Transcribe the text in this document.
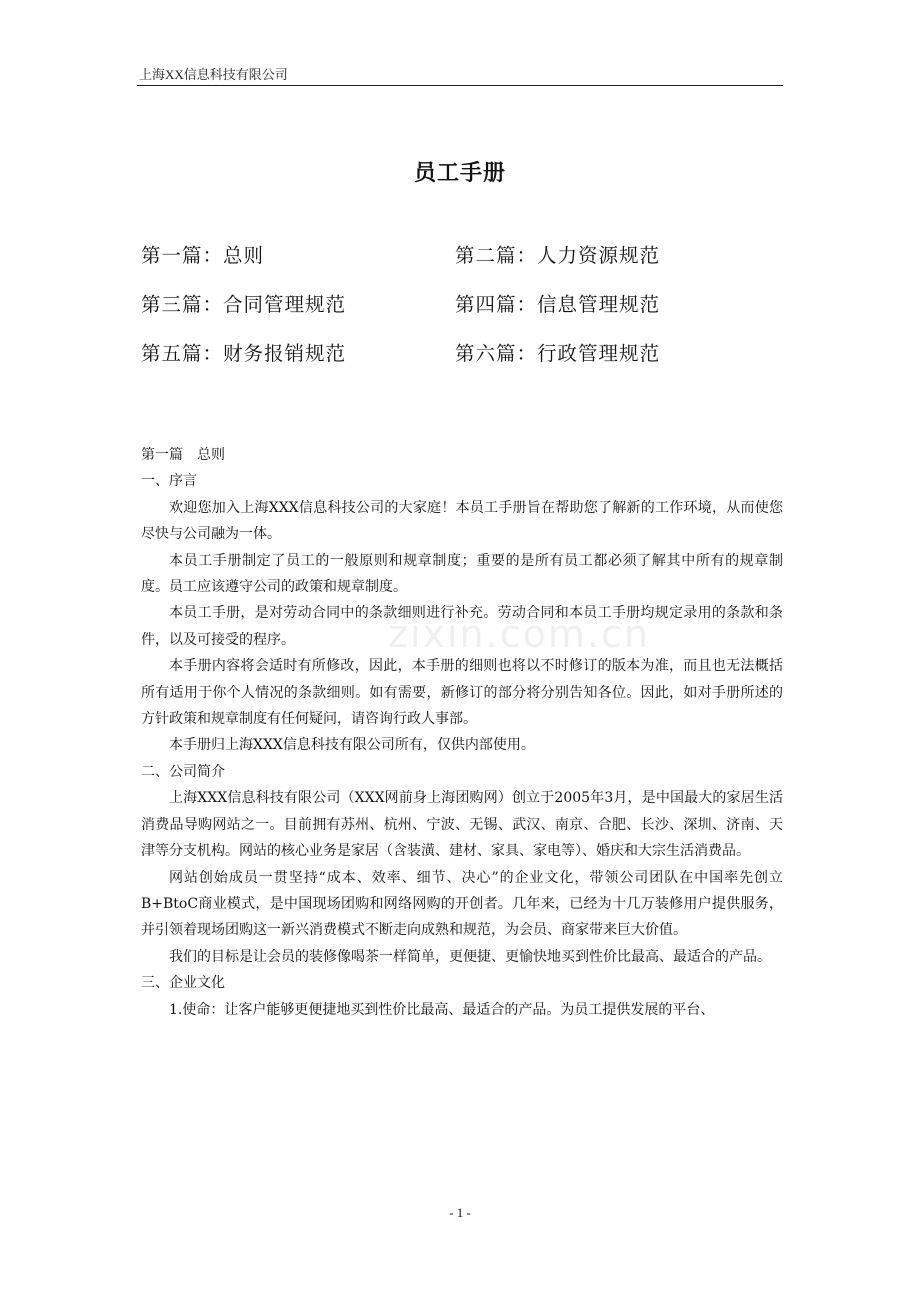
上海XX信息科技有限公司
员工手册
第一篇：总则	第二篇：人力资源规范
第三篇：合同管理规范	第四篇：信息管理规范
第五篇：财务报销规范	第六篇：行政管理规范
zixin.com.cn

第一篇　总则

一、序言

欢迎您加入上海XXX信息科技公司的大家庭！本员工手册旨在帮助您了解新的工作环境，从而使您尽快与公司融为一体。

本员工手册制定了员工的一般原则和规章制度；重要的是所有员工都必须了解其中所有的规章制度。员工应该遵守公司的政策和规章制度。

本员工手册，是对劳动合同中的条款细则进行补充。劳动合同和本员工手册均规定录用的条款和条件，以及可接受的程序。

本手册内容将会适时有所修改，因此，本手册的细则也将以不时修订的版本为准，而且也无法概括所有适用于你个人情况的条款细则。如有需要，新修订的部分将分别告知各位。因此，如对手册所述的方针政策和规章制度有任何疑问，请咨询行政人事部。

本手册归上海XXX信息科技有限公司所有，仅供内部使用。

二、公司简介

上海XXX信息科技有限公司（XXX网前身上海团购网）创立于2005年3月，是中国最大的家居生活消费品导购网站之一。目前拥有苏州、杭州、宁波、无锡、武汉、南京、合肥、长沙、深圳、济南、天津等分支机构。网站的核心业务是家居（含装潢、建材、家具、家电等）、婚庆和大宗生活消费品。

网站创始成员一贯坚持“成本、效率、细节、决心”的企业文化，带领公司团队在中国率先创立B+BtoC商业模式，是中国现场团购和网络网购的开创者。几年来，已经为十几万装修用户提供服务，并引领着现场团购这一新兴消费模式不断走向成熟和规范，为会员、商家带来巨大价值。

我们的目标是让会员的装修像喝茶一样简单，更便捷、更愉快地买到性价比最高、最适合的产品。

三、企业文化

1.使命：让客户能够更便捷地买到性价比最高、最适合的产品。为员工提供发展的平台、

- 1 -
